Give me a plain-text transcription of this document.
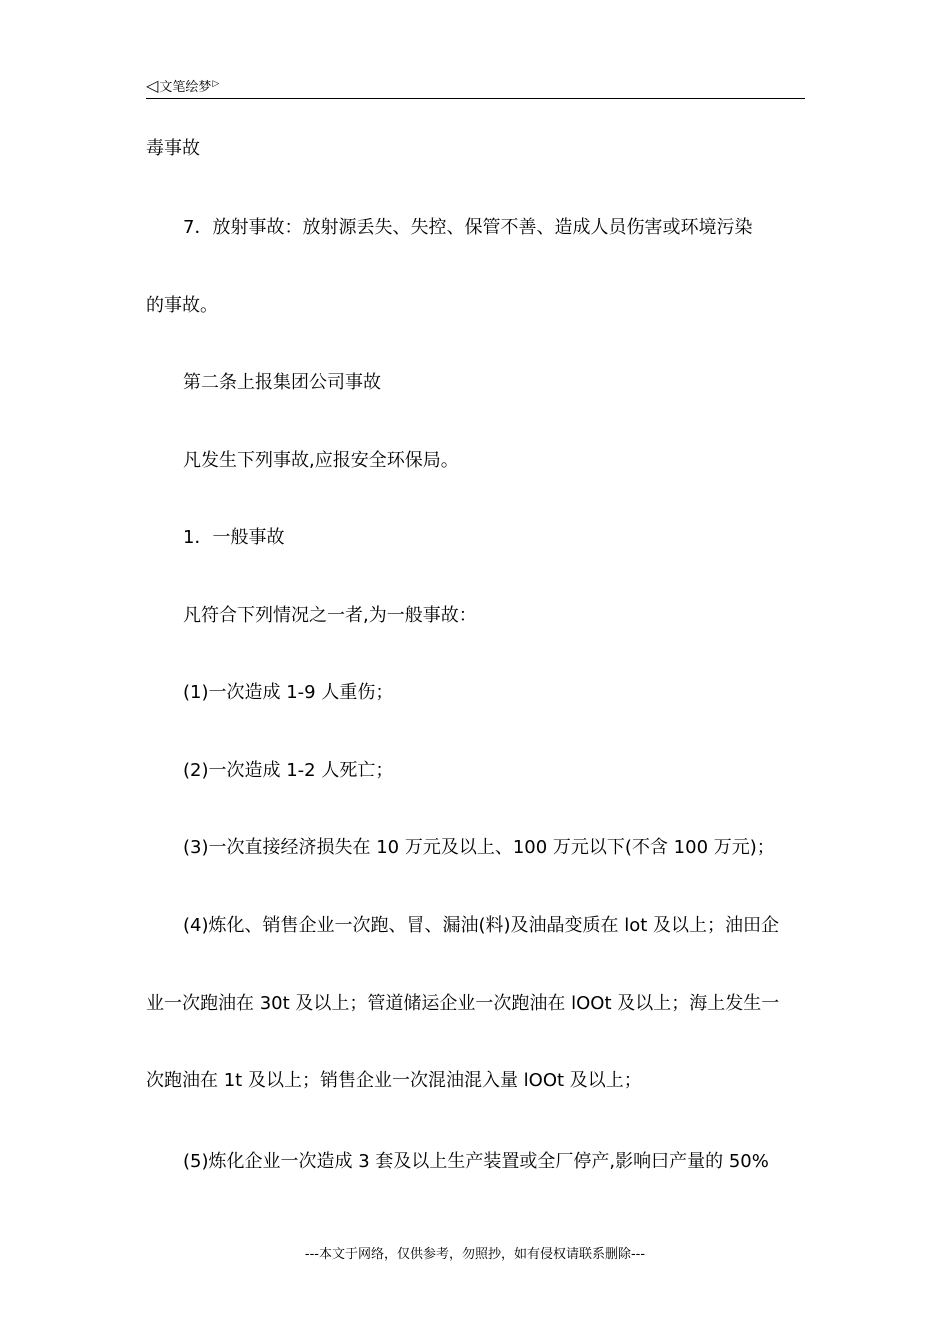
◁文笔绘梦▷
毒事故
7．放射事故：放射源丢失、失控、保管不善、造成人员伤害或环境污染
的事故。
第二条上报集团公司事故
凡发生下列事故,应报安全环保局。
1．一般事故
凡符合下列情况之一者,为一般事故：
(1)一次造成 1-9 人重伤；
(2)一次造成 1-2 人死亡；
(3)一次直接经济损失在 10 万元及以上、100 万元以下(不含 100 万元)；
(4)炼化、销售企业一次跑、冒、漏油(料)及油晶变质在 lot 及以上；油田企
业一次跑油在 30t 及以上；管道储运企业一次跑油在 lOOt 及以上；海上发生一
次跑油在 1t 及以上；销售企业一次混油混入量 lOOt 及以上；
(5)炼化企业一次造成 3 套及以上生产装置或全厂停产,影响曰产量的 50%
---本文于网络，仅供参考，勿照抄，如有侵权请联系删除---
